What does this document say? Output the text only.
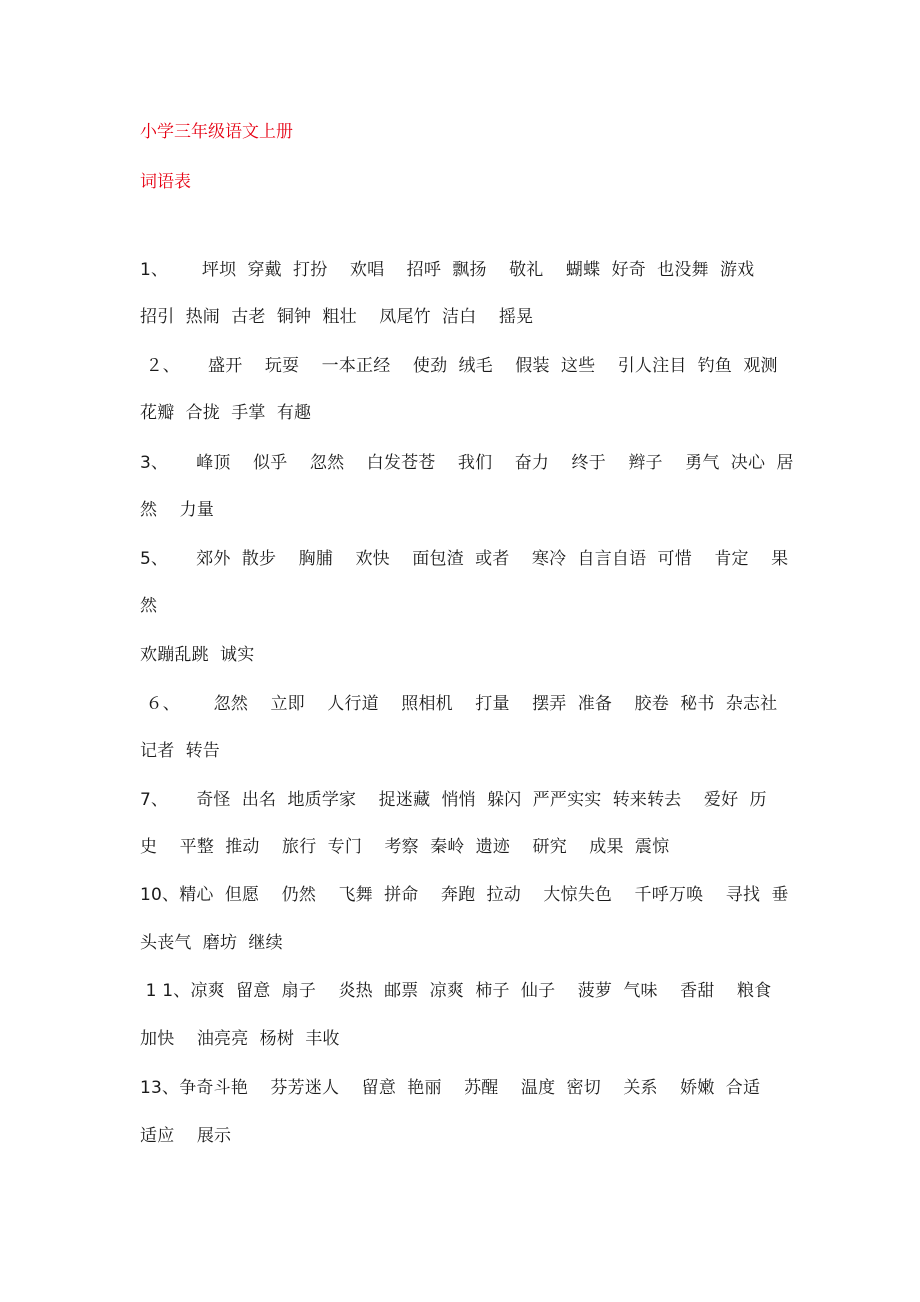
小学三年级语文上册
词语表
1、      坪坝  穿戴  打扮    欢唱    招呼  飘扬    敬礼    蝴蝶  好奇  也没舞  游戏
招引  热闹  古老  铜钟  粗壮    凤尾竹  洁白    摇晃
２、     盛开    玩耍    一本正经    使劲  绒毛    假装  这些    引人注目  钓鱼  观测
花瓣  合拢  手掌  有趣
3、     峰顶    似乎    忽然    白发苍苍    我们    奋力    终于    辫子    勇气  决心  居
然    力量
5、     郊外  散步    胸脯    欢快    面包渣  或者    寒冷  自言自语  可惜    肯定    果
然
欢蹦乱跳  诚实
６、      忽然    立即    人行道    照相机    打量    摆弄  准备    胶卷  秘书  杂志社
记者  转告
7、     奇怪  出名  地质学家    捉迷藏  悄悄  躲闪  严严实实  转来转去    爱好  历
史    平整  推动    旅行  专门    考察  秦岭  遗迹    研究    成果  震惊
10、精心  但愿    仍然    飞舞  拼命    奔跑  拉动    大惊失色    千呼万唤    寻找  垂
头丧气  磨坊  继续
1 1、凉爽  留意  扇子    炎热  邮票  凉爽  柿子  仙子    菠萝  气味    香甜    粮食
加快    油亮亮  杨树  丰收
13、争奇斗艳    芬芳迷人    留意  艳丽    苏醒    温度  密切    关系    娇嫩  合适
适应    展示
